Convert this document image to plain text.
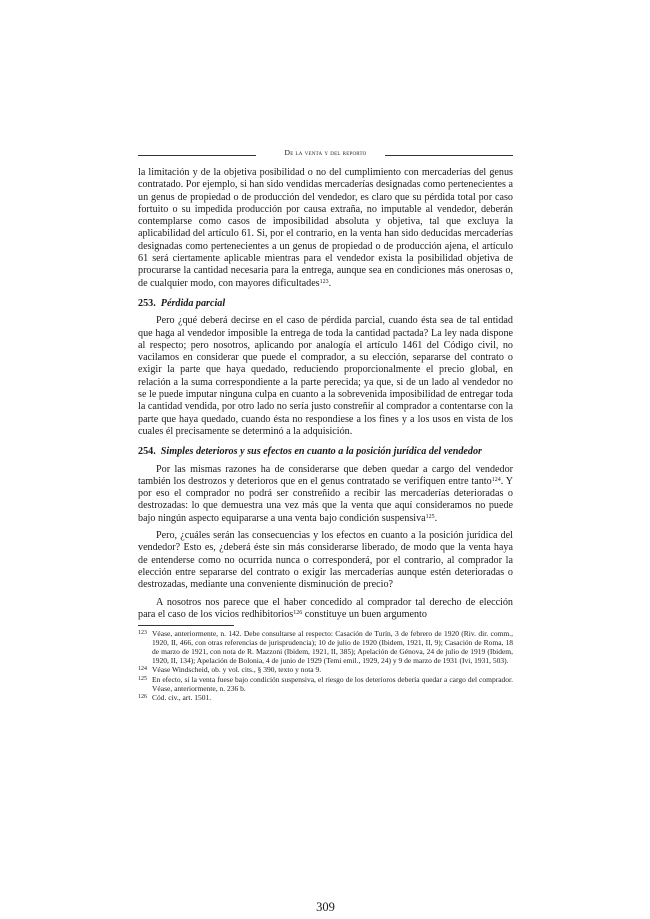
De la venta y del reporto

la limitación y de la objetiva posibilidad o no del cumplimiento con mercaderías del genus contratado. Por ejemplo, si han sido vendidas mercaderías designadas como pertenecientes a un genus de propiedad o de producción del vendedor, es claro que su pérdida total por caso fortuito o su impedida producción por causa extraña, no imputable al vendedor, deberán contemplarse como casos de imposibilidad absoluta y objetiva, tal que excluya la aplicabilidad del artículo 61. Si, por el contrario, en la venta han sido deducidas mercaderías designadas como pertenecientes a un genus de propiedad o de producción ajena, el artículo 61 será ciertamente aplicable mientras para el vendedor exista la posibilidad objetiva de procurarse la cantidad necesaria para la entrega, aunque sea en condiciones más onerosas o, de cualquier modo, con mayores dificultades$^{123}$.

253. Pérdida parcial

Pero ¿qué deberá decirse en el caso de pérdida parcial, cuando ésta sea de tal entidad que haga al vendedor imposible la entrega de toda la cantidad pactada? La ley nada dispone al respecto; pero nosotros, aplicando por analogía el artículo 1461 del Código civil, no vacilamos en considerar que puede el comprador, a su elección, separarse del contrato o exigir la parte que haya quedado, reduciendo proporcionalmente el precio global, en relación a la suma correspondiente a la parte perecida; ya que, si de un lado al vendedor no se le puede imputar ninguna culpa en cuanto a la sobrevenida imposibilidad de entregar toda la cantidad vendida, por otro lado no sería justo constreñir al comprador a contentarse con la parte que haya quedado, cuando ésta no respondiese a los fines y a los usos en vista de los cuales él precisamente se determinó a la adquisición.

254. Simples deterioros y sus efectos en cuanto a la posición jurídica del vendedor

Por las mismas razones ha de considerarse que deben quedar a cargo del vendedor también los destrozos y deterioros que en el genus contratado se verifiquen entre tanto$^{124}$. Y por eso el comprador no podrá ser constreñido a recibir las mercaderías deterioradas o destrozadas: lo que demuestra una vez más que la venta que aquí consideramos no puede bajo ningún aspecto equipararse a una venta bajo condición suspensiva$^{125}$.

Pero, ¿cuáles serán las consecuencias y los efectos en cuanto a la posición jurídica del vendedor? Esto es, ¿deberá éste sin más considerarse liberado, de modo que la venta haya de entenderse como no ocurrida nunca o corresponderá, por el contrario, al comprador la elección entre separarse del contrato o exigir las mercaderías aunque estén deterioradas o destrozadas, mediante una conveniente disminución de precio?

A nosotros nos parece que el haber concedido al comprador tal derecho de elección para el caso de los vicios redhibitorios$^{126}$ constituye un buen argumento

123 Véase, anteriormente, n. 142. Debe consultarse al respecto: Casación de Turín, 3 de febrero de 1920 (Riv. dir. comm., 1920, II, 466, con otras referencias de jurisprudencia); 10 de julio de 1920 (Ibidem, 1921, II, 9); Casación de Roma, 18 de marzo de 1921, con nota de R. Mazzoni (Ibidem, 1921, II, 385); Apelación de Génova, 24 de julio de 1919 (Ibidem, 1920, II, 134); Apelación de Bolonia, 4 de junio de 1929 (Temi emil., 1929, 24) y 9 de marzo de 1931 (Ivi, 1931, 503).
124 Véase Windscheid, ob. y vol. cits., § 390, texto y nota 9.
125 En efecto, si la venta fuese bajo condición suspensiva, el riesgo de los deterioros debería quedar a cargo del comprador. Véase, anteriormente, n. 236 b.
126 Cód. civ., art. 1501.
309
